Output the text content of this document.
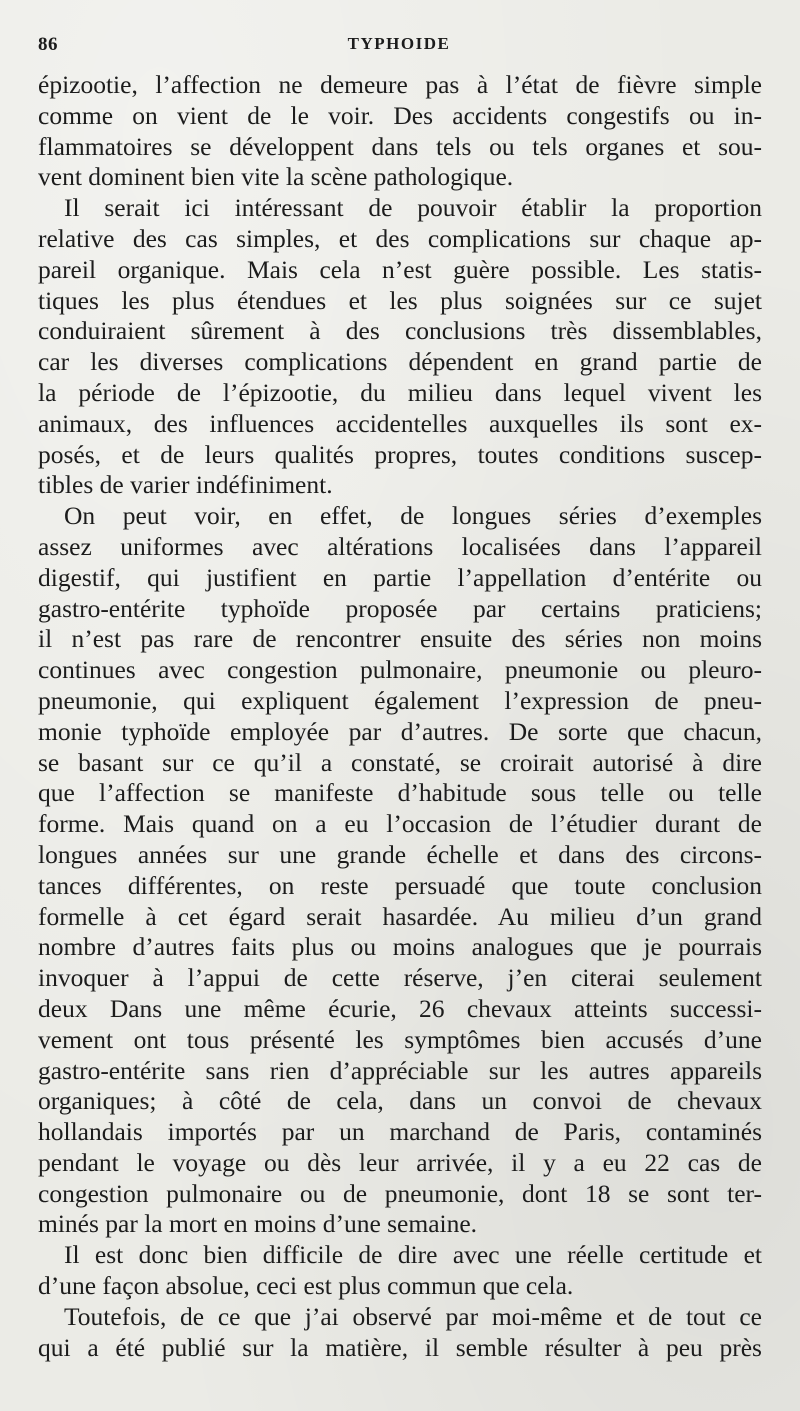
86	TYPHOIDE
épizootie, l’affection ne demeure pas à l’état de fièvre simple
comme on vient de le voir. Des accidents congestifs ou in-
flammatoires se développent dans tels ou tels organes et sou-
vent dominent bien vite la scène pathologique.
Il serait ici intéressant de pouvoir établir la proportion
relative des cas simples, et des complications sur chaque ap-
pareil organique. Mais cela n’est guère possible. Les statis-
tiques les plus étendues et les plus soignées sur ce sujet
conduiraient sûrement à des conclusions très dissemblables,
car les diverses complications dépendent en grand partie de
la période de l’épizootie, du milieu dans lequel vivent les
animaux, des influences accidentelles auxquelles ils sont ex-
posés, et de leurs qualités propres, toutes conditions suscep-
tibles de varier indéfiniment.
On peut voir, en effet, de longues séries d’exemples
assez uniformes avec altérations localisées dans l’appareil
digestif, qui justifient en partie l’appellation d’entérite ou
gastro-entérite typhoïde proposée par certains praticiens;
il n’est pas rare de rencontrer ensuite des séries non moins
continues avec congestion pulmonaire, pneumonie ou pleuro-
pneumonie, qui expliquent également l’expression de pneu-
monie typhoïde employée par d’autres. De sorte que chacun,
se basant sur ce qu’il a constaté, se croirait autorisé à dire
que l’affection se manifeste d’habitude sous telle ou telle
forme. Mais quand on a eu l’occasion de l’étudier durant de
longues années sur une grande échelle et dans des circons-
tances différentes, on reste persuadé que toute conclusion
formelle à cet égard serait hasardée. Au milieu d’un grand
nombre d’autres faits plus ou moins analogues que je pourrais
invoquer à l’appui de cette réserve, j’en citerai seulement
deux Dans une même écurie, 26 chevaux atteints successi-
vement ont tous présenté les symptômes bien accusés d’une
gastro-entérite sans rien d’appréciable sur les autres appareils
organiques; à côté de cela, dans un convoi de chevaux
hollandais importés par un marchand de Paris, contaminés
pendant le voyage ou dès leur arrivée, il y a eu 22 cas de
congestion pulmonaire ou de pneumonie, dont 18 se sont ter-
minés par la mort en moins d’une semaine.
Il est donc bien difficile de dire avec une réelle certitude et
d’une façon absolue, ceci est plus commun que cela.
Toutefois, de ce que j’ai observé par moi-même et de tout ce
qui a été publié sur la matière, il semble résulter à peu près
